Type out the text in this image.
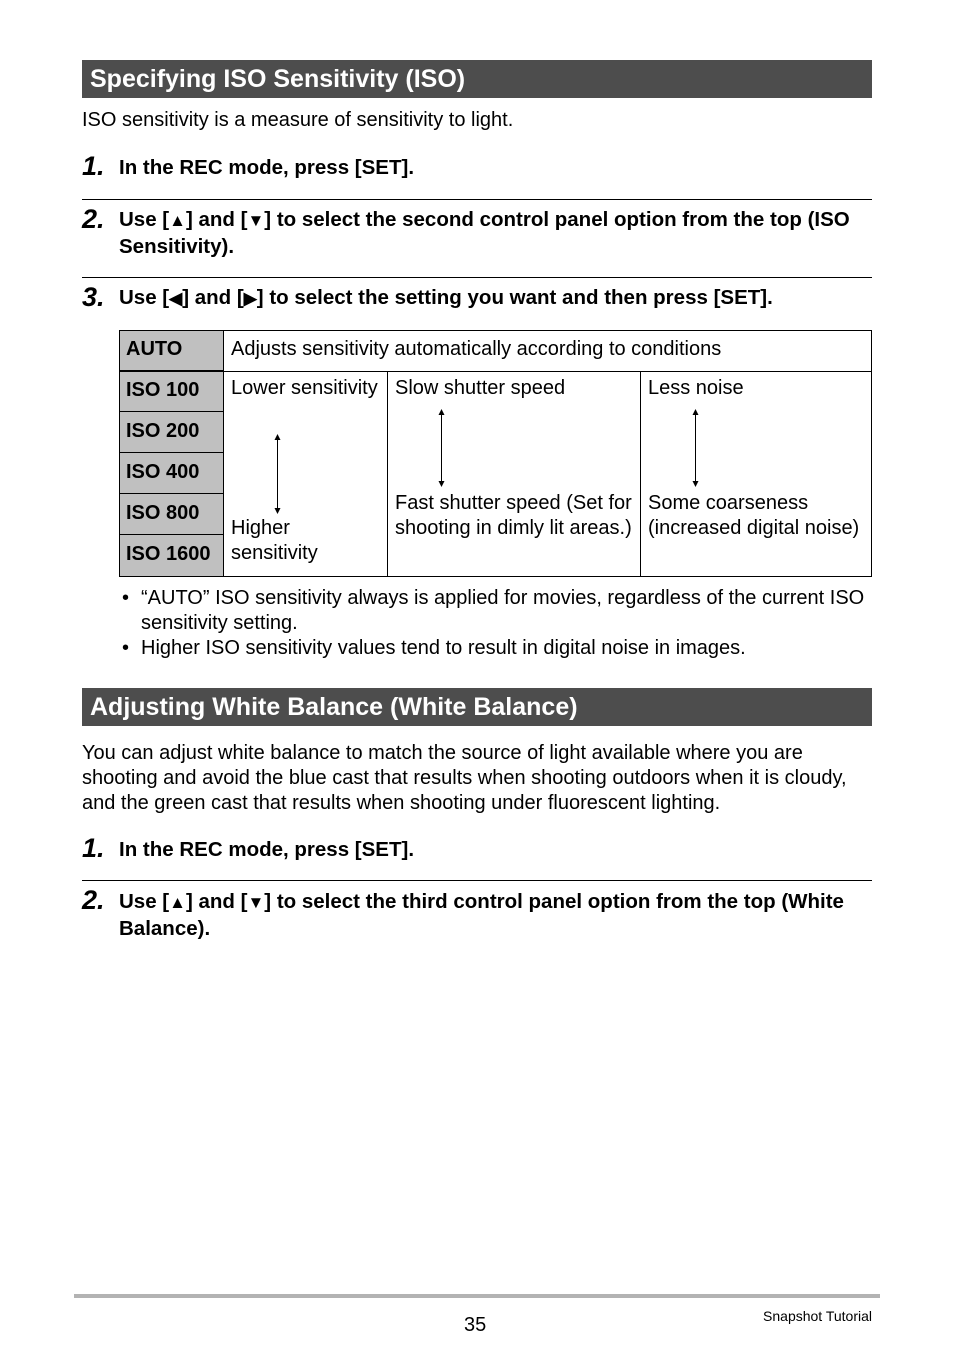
Specifying ISO Sensitivity (ISO)
ISO sensitivity is a measure of sensitivity to light.
1. In the REC mode, press [SET].
2. Use [▲] and [▼] to select the second control panel option from the top (ISO Sensitivity).
3. Use [◀] and [▶] to select the setting you want and then press [SET].
AUTO
ISO 100
ISO 200
ISO 400
ISO 800
ISO 1600
Adjusts sensitivity automatically according to conditions
Lower sensitivity
Higher sensitivity
Slow shutter speed
Fast shutter speed (Set for shooting in dimly lit areas.)
Less noise
Some coarseness (increased digital noise)
• “AUTO” ISO sensitivity always is applied for movies, regardless of the current ISO sensitivity setting.
• Higher ISO sensitivity values tend to result in digital noise in images.
Adjusting White Balance (White Balance)
You can adjust white balance to match the source of light available where you are shooting and avoid the blue cast that results when shooting outdoors when it is cloudy, and the green cast that results when shooting under fluorescent lighting.
1. In the REC mode, press [SET].
2. Use [▲] and [▼] to select the third control panel option from the top (White Balance).
35	Snapshot Tutorial
